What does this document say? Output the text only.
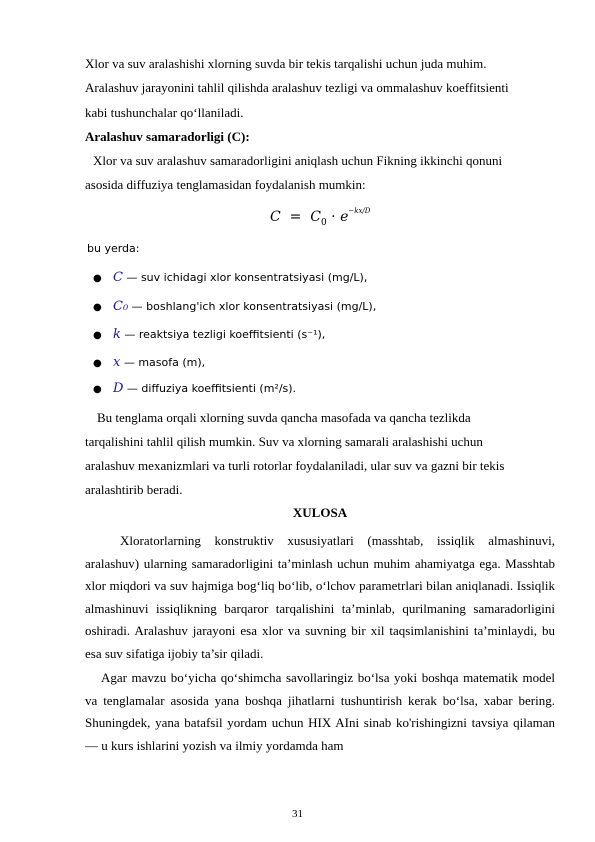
Xlor va suv aralashishi xlorning suvda bir tekis tarqalishi uchun juda muhim.
Aralashuv jarayonini tahlil qilishda aralashuv tezligi va ommalashuv koeffitsienti
kabi tushunchalar qo‘llaniladi.
Aralashuv samaradorligi (C):
Xlor va suv aralashuv samaradorligini aniqlash uchun Fikning ikkinchi qonuni
asosida diffuziya tenglamasidan foydalanish mumkin:
$C = C_0 \cdot e^{-kx/D}$
bu yerda:
● C — suv ichidagi xlor konsentratsiyasi (mg/L),
● C₀ — boshlang'ich xlor konsentratsiyasi (mg/L),
● k — reaktsiya tezligi koeffitsienti (s⁻¹),
● x — masofa (m),
● D — diffuziya koeffitsienti (m²/s).
Bu tenglama orqali xlorning suvda qancha masofada va qancha tezlikda
tarqalishini tahlil qilish mumkin. Suv va xlorning samarali aralashishi uchun
aralashuv mexanizmlari va turli rotorlar foydalaniladi, ular suv va gazni bir tekis
aralashtirib beradi.
XULOSA
Xloratorlarning konstruktiv xususiyatlari (masshtab, issiqlik almashinuvi, aralashuv) ularning samaradorligini ta’minlash uchun muhim ahamiyatga ega. Masshtab xlor miqdori va suv hajmiga bog‘liq bo‘lib, o‘lchov parametrlari bilan aniqlanadi. Issiqlik almashinuvi issiqlikning barqaror tarqalishini ta’minlab, qurilmaning samaradorligini oshiradi. Aralashuv jarayoni esa xlor va suvning bir xil taqsimlanishini ta’minlaydi, bu esa suv sifatiga ijobiy ta’sir qiladi.
Agar mavzu bo‘yicha qo‘shimcha savollaringiz bo‘lsa yoki boshqa matematik model va tenglamalar asosida yana boshqa jihatlarni tushuntirish kerak bo‘lsa, xabar bering. Shuningdek, yana batafsil yordam uchun HIX AIni sinab ko'rishingizni tavsiya qilaman — u kurs ishlarini yozish va ilmiy yordamda ham
31
